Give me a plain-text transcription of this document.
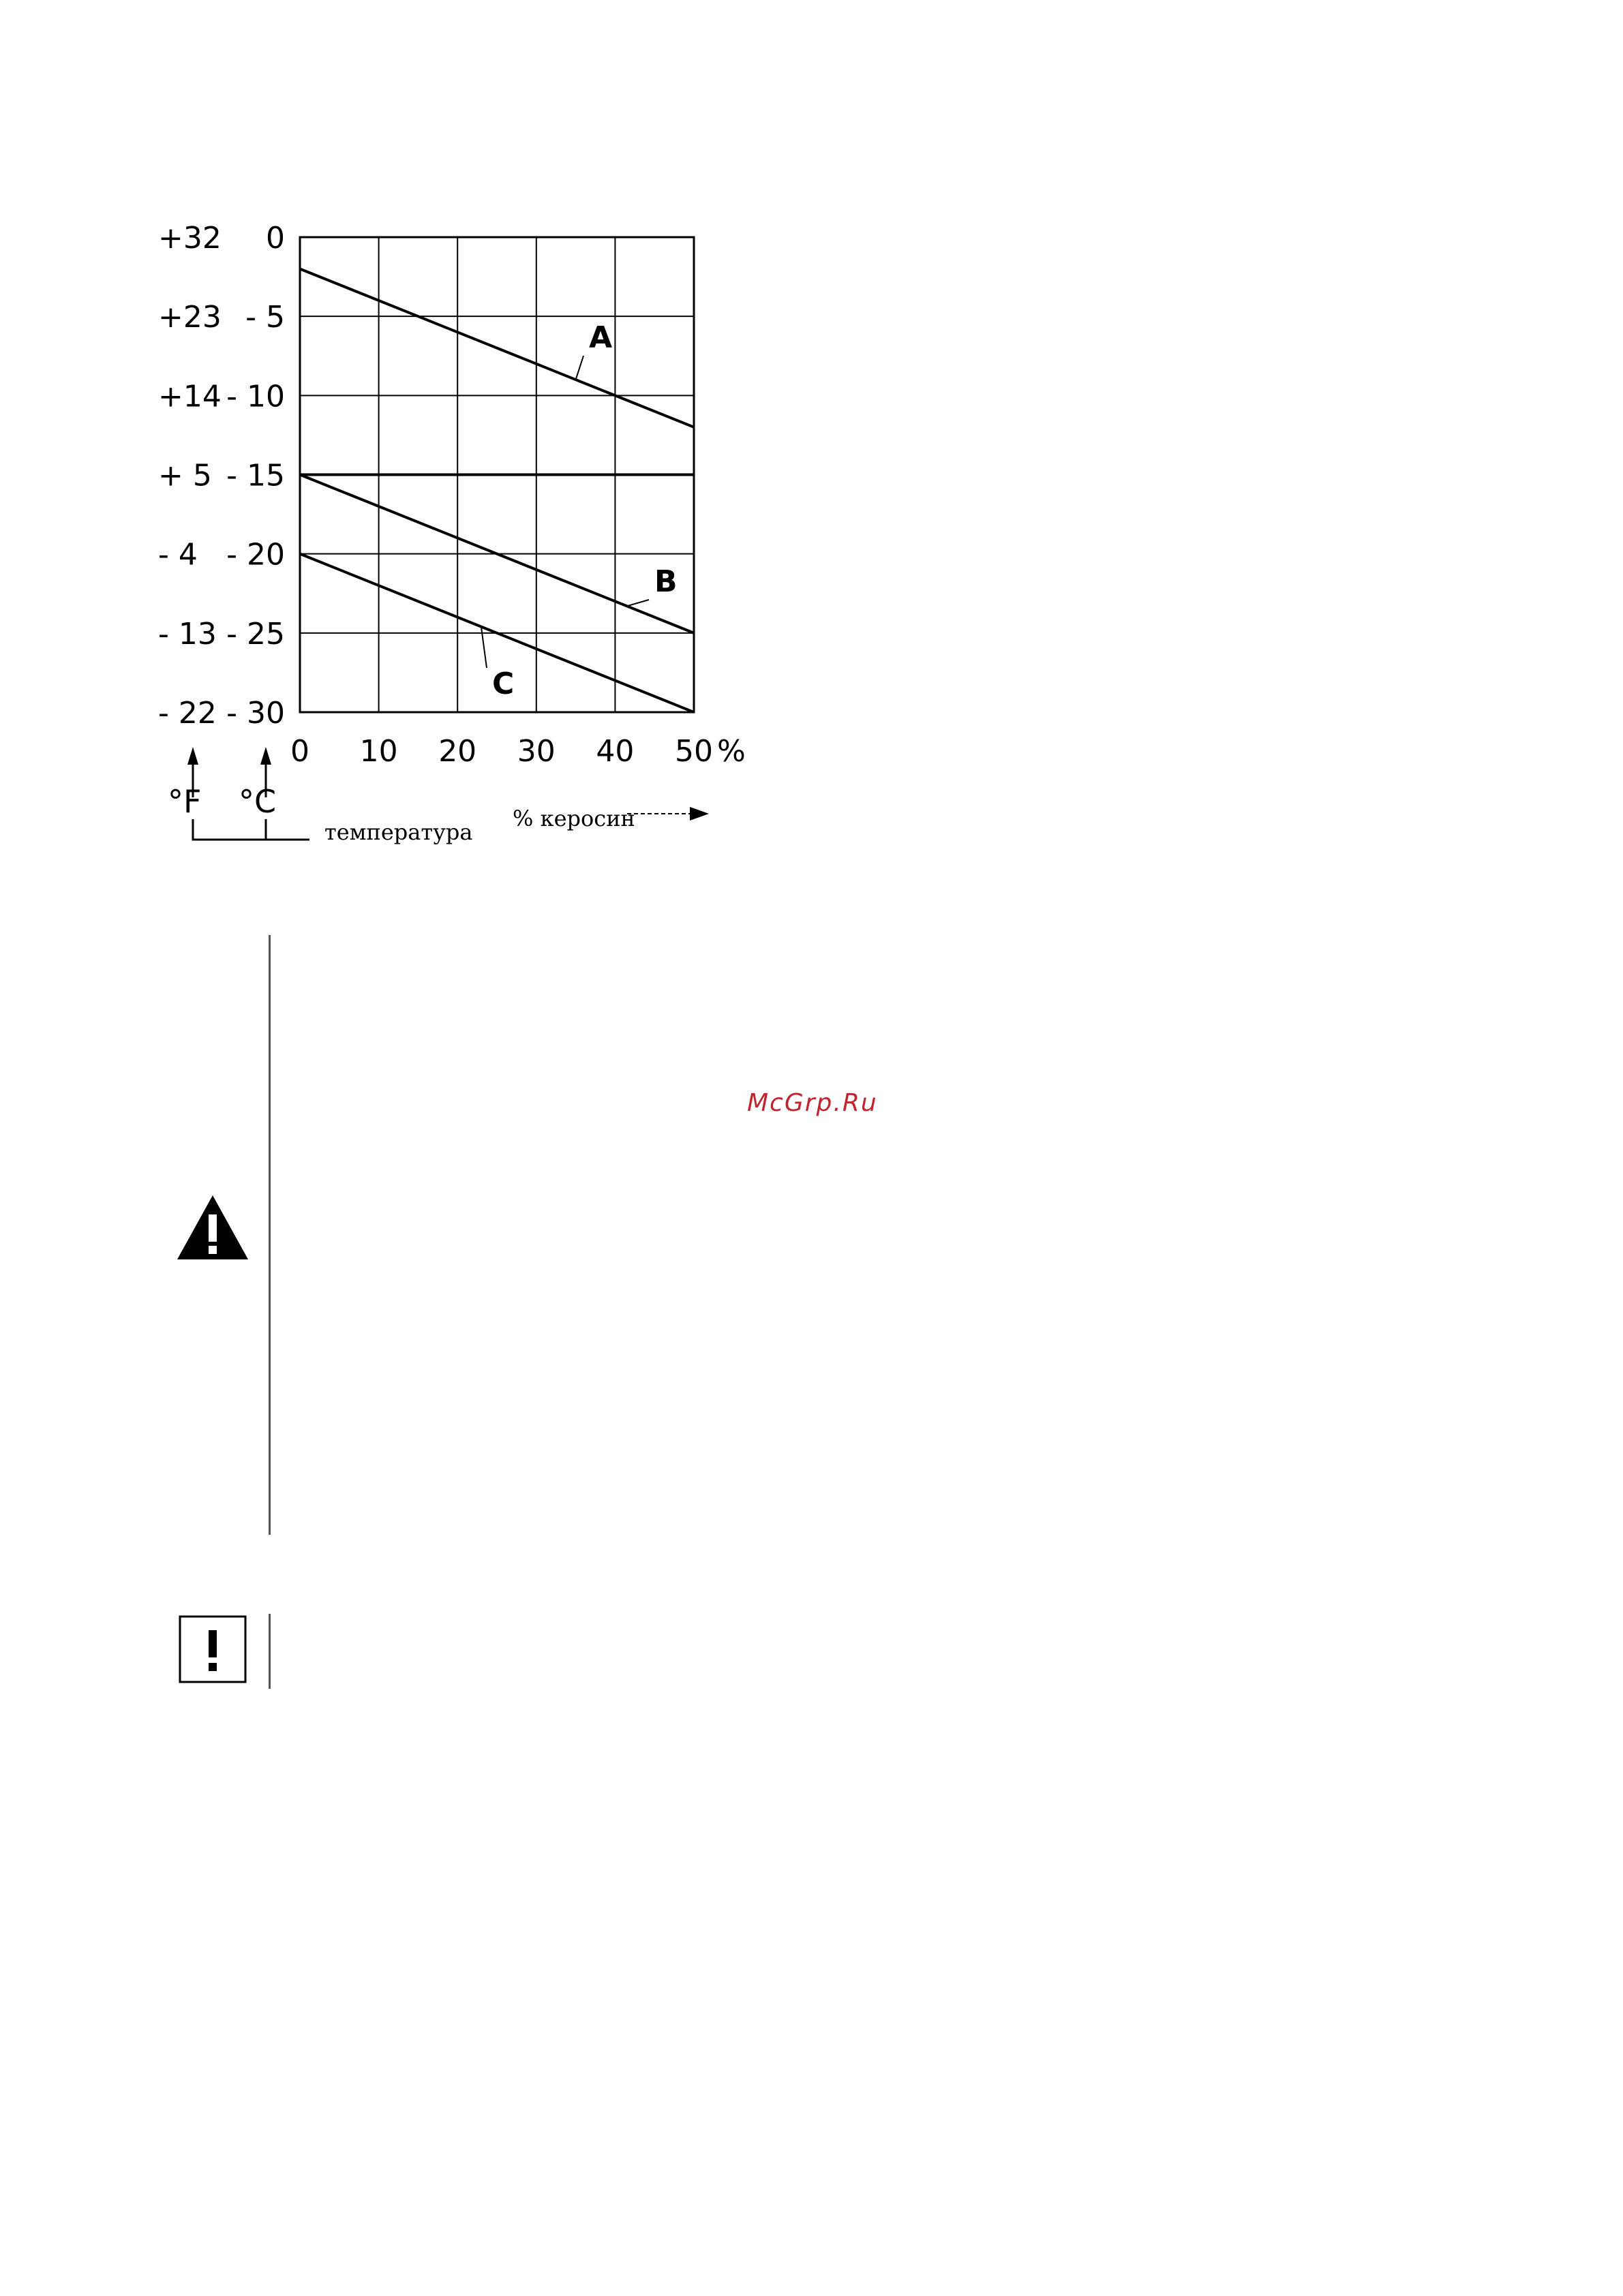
0 10 20 30 40 50
0
+32
- 5
+23
- 10
+14
- 15
+ 5
- 20
- 4
- 25
- 13
- 30
- 22
%
A
B
C
°F °C
температура
% керосин
McGrp.Ru
